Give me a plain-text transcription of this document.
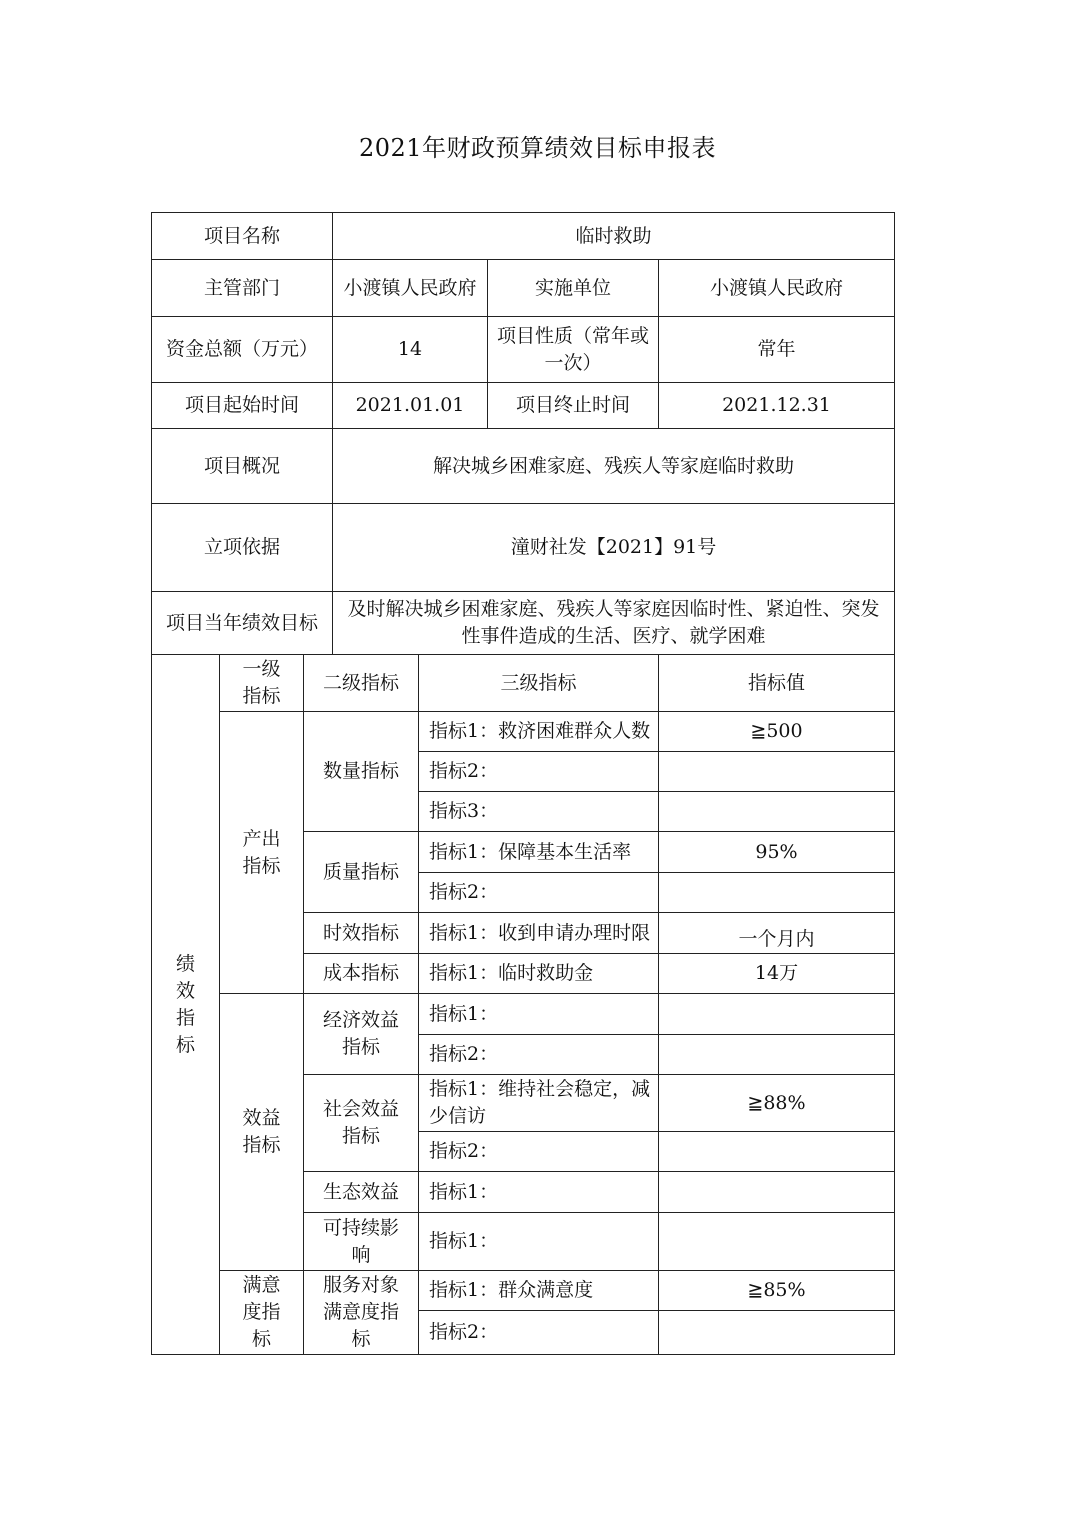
2021年财政预算绩效目标申报表
项目名称			临时救助			
主管部门			小渡镇人民政府		实施单位	小渡镇人民政府
资金总额（万元）			14		项目性质（常年或一次）	常年
项目起始时间			2021.01.01		项目终止时间	2021.12.31
项目概况			解决城乡困难家庭、残疾人等家庭临时救助			
立项依据			潼财社发【2021】91号			
项目当年绩效目标			及时解决城乡困难家庭、残疾人等家庭因临时性、紧迫性、突发性事件造成的生活、医疗、就学困难			
绩效指标	一级指标	二级指标		三级指标		指标值
	产出指标	数量指标		指标1：救济困难群众人数		≧500
				指标2：		
				指标3：		
		质量指标		指标1：保障基本生活率		95%
				指标2：		
		时效指标		指标1：收到申请办理时限		一个月内
		成本指标		指标1：临时救助金		14万
	效益指标	经济效益指标		指标1：		
				指标2：		
		社会效益指标		指标1：维持社会稳定，减少信访		≧88%
				指标2：		
		生态效益		指标1：		
		可持续影响		指标1：		
	满意度指标	服务对象满意度指标		指标1：群众满意度		≧85%
				指标2：		
